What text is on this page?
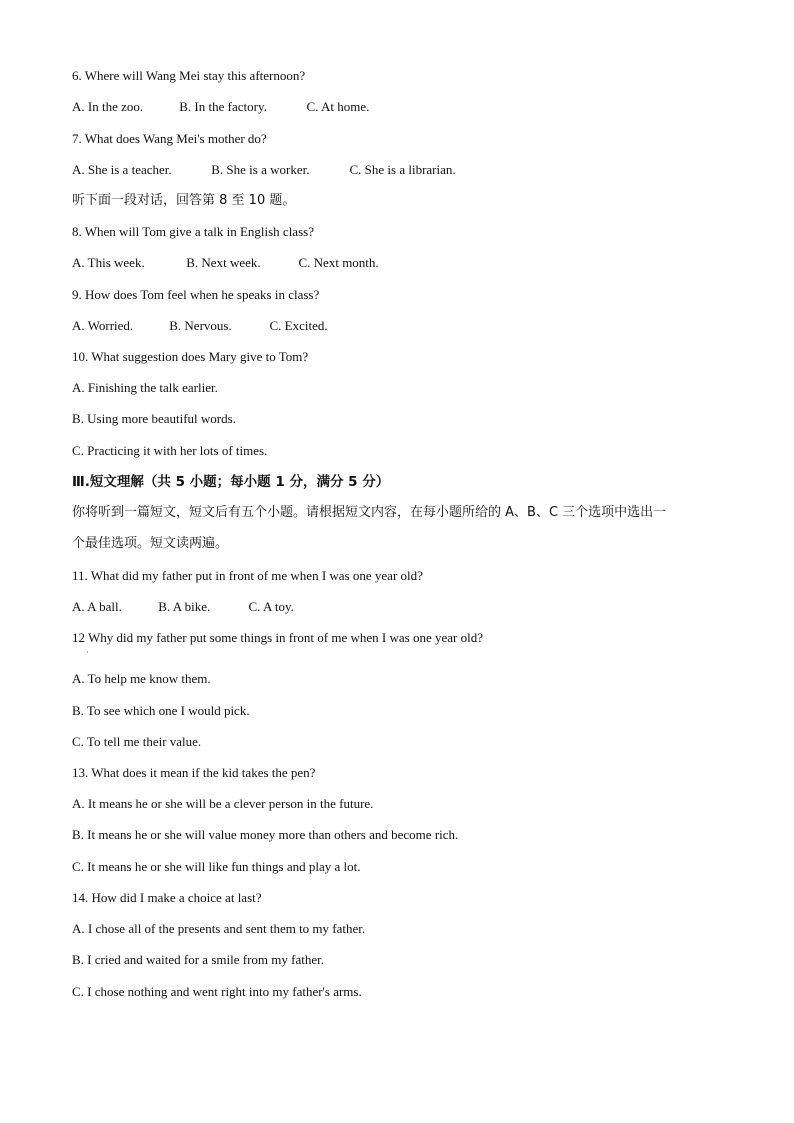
6. Where will Wang Mei stay this afternoon?
A. In the zoo.	B. In the factory.	C. At home.
7. What does Wang Mei's mother do?
A. She is a teacher.	B. She is a worker.	C. She is a librarian.
听下面一段对话，回答第 8 至 10 题。
8. When will Tom give a talk in English class?
A. This week.	B. Next week.	C. Next month.
9. How does Tom feel when he speaks in class?
A. Worried.	B. Nervous.	C. Excited.
10. What suggestion does Mary give to Tom?
A. Finishing the talk earlier.
B. Using more beautiful words.
C. Practicing it with her lots of times.
Ⅲ.短文理解（共 5 小题；每小题 1 分，满分 5 分）
你将听到一篇短文，短文后有五个小题。请根据短文内容，在每小题所给的 A、B、C 三个选项中选出一
个最佳选项。短文读两遍。
11. What did my father put in front of me when I was one year old?
A. A ball.	B. A bike.	C. A toy.
12 Why did my father put some things in front of me when I was one year old?
·
A. To help me know them.
B. To see which one I would pick.
C. To tell me their value.
13. What does it mean if the kid takes the pen?
A. It means he or she will be a clever person in the future.
B. It means he or she will value money more than others and become rich.
C. It means he or she will like fun things and play a lot.
14. How did I make a choice at last?
A. I chose all of the presents and sent them to my father.
B. I cried and waited for a smile from my father.
C. I chose nothing and went right into my father's arms.
